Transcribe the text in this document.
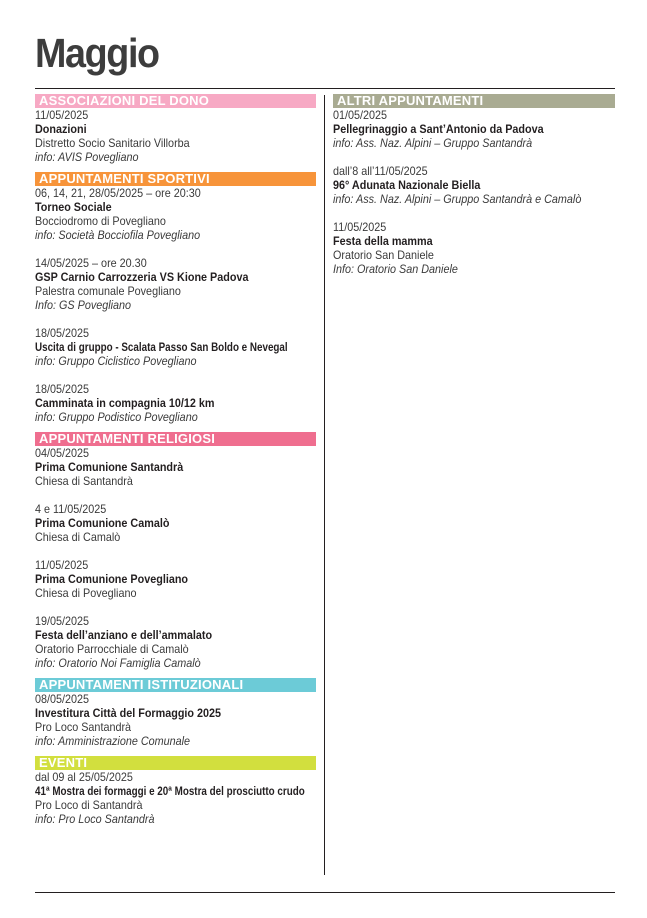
Maggio
ASSOCIAZIONI DEL DONO
11/05/2025
Donazioni
Distretto Socio Sanitario Villorba
info: AVIS Povegliano
APPUNTAMENTI SPORTIVI
06, 14, 21, 28/05/2025 – ore 20:30
Torneo Sociale
Bocciodromo di Povegliano
info: Società Bocciofila Povegliano
14/05/2025 – ore 20.30
GSP Carnio Carrozzeria VS Kione Padova
Palestra comunale Povegliano
Info: GS Povegliano
18/05/2025
Uscita di gruppo - Scalata Passo San Boldo e Nevegal
info: Gruppo Ciclistico Povegliano
18/05/2025
Camminata in compagnia 10/12 km
info: Gruppo Podistico Povegliano
APPUNTAMENTI RELIGIOSI
04/05/2025
Prima Comunione Santandrà
Chiesa di Santandrà
4 e 11/05/2025
Prima Comunione Camalò
Chiesa di Camalò
11/05/2025
Prima Comunione Povegliano
Chiesa di Povegliano
19/05/2025
Festa dell’anziano e dell’ammalato
Oratorio Parrocchiale di Camalò
info: Oratorio Noi Famiglia Camalò
APPUNTAMENTI ISTITUZIONALI
08/05/2025
Investitura Città del Formaggio 2025
Pro Loco Santandrà
info: Amministrazione Comunale
EVENTI
dal 09 al 25/05/2025
41ª Mostra dei formaggi e 20ª Mostra del prosciutto crudo
Pro Loco di Santandrà
info: Pro Loco Santandrà
ALTRI APPUNTAMENTI
01/05/2025
Pellegrinaggio a Sant’Antonio da Padova
info: Ass. Naz. Alpini – Gruppo Santandrà
dall’8 all’11/05/2025
96° Adunata Nazionale Biella
info: Ass. Naz. Alpini – Gruppo Santandrà e Camalò
11/05/2025
Festa della mamma
Oratorio San Daniele
Info: Oratorio San Daniele
